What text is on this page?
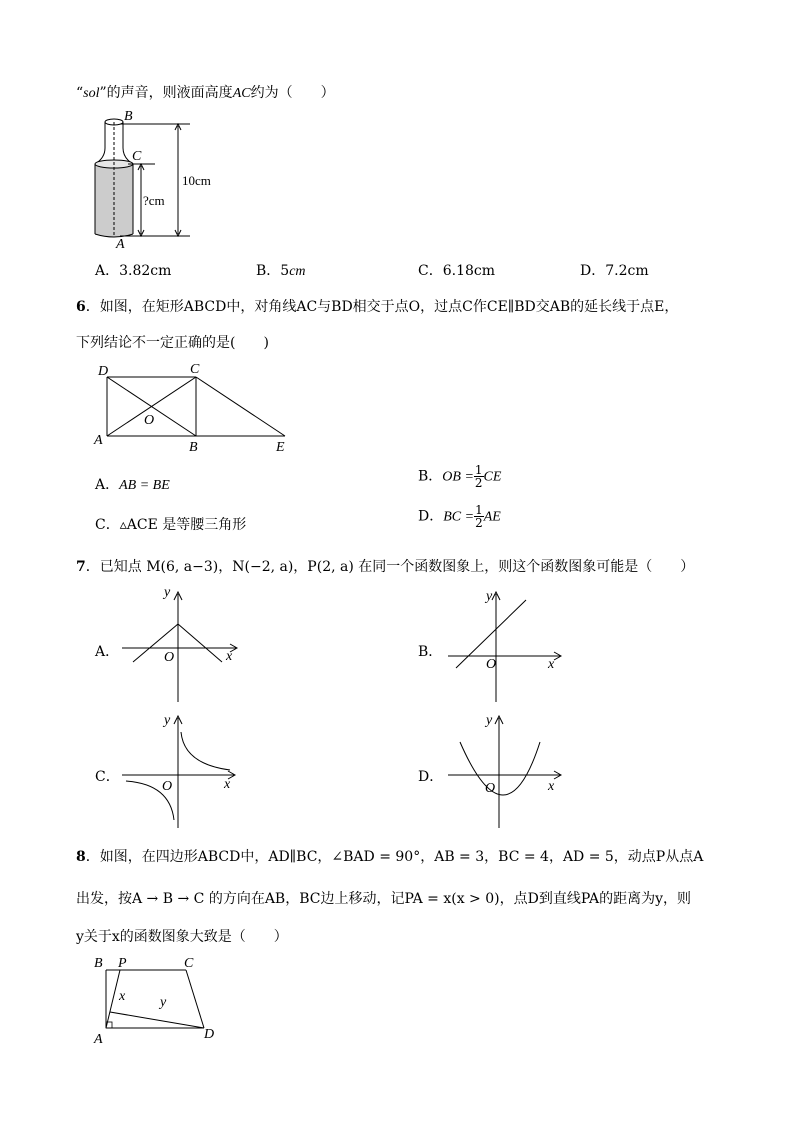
“sol”的声音，则液面高度AC约为（　　）
B
C
A
10cm
?cm
A．3.82cm	B．5cm	C．6.18cm	D．7.2cm
6．如图，在矩形ABCD中，对角线AC与BD相交于点O，过点C作CE∥BD交AB的延长线于点E，
下列结论不一定正确的是(　　)
D	C
O
A	B	E
A．AB = BE
B．OB = $\frac{1}{2}$ CE
C．▵ACE 是等腰三角形
D．BC = $\frac{1}{2}$ AE
7．已知点 M(6, a−3)，N(−2, a)，P(2, a) 在同一个函数图象上，则这个函数图象可能是（　　）
A．
y
x
O	B．
y
x
O
C．
y
x
O
D．
y
x
O
8．如图，在四边形ABCD中，AD∥BC，∠BAD = 90°，AB = 3，BC = 4，AD = 5，动点P从点A
出发，按A → B → C 的方向在AB，BC边上移动，记PA = x(x > 0)，点D到直线PA的距离为y，则
y关于x的函数图象大致是（　　）
B P	C
x y
A	D
